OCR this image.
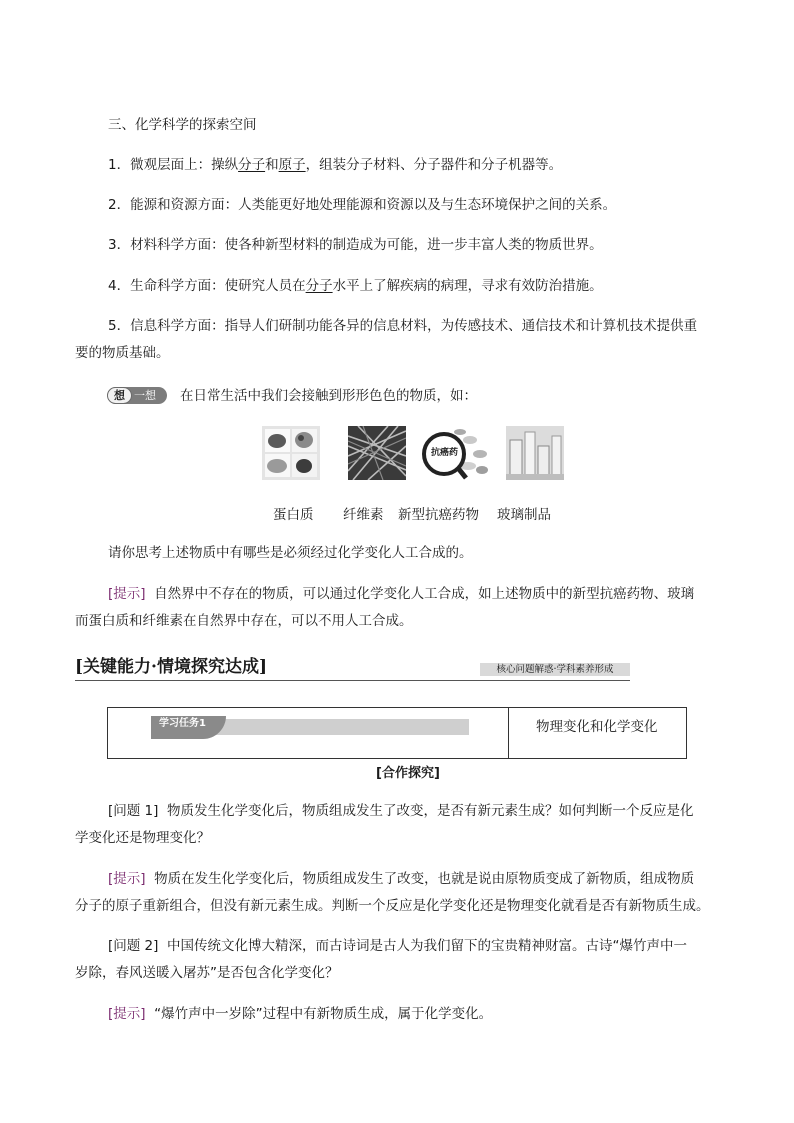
三、化学科学的探索空间
1．微观层面上：操纵分子和原子，组装分子材料、分子器件和分子机器等。
2．能源和资源方面：人类能更好地处理能源和资源以及与生态环境保护之间的关系。
3．材料科学方面：使各种新型材料的制造成为可能，进一步丰富人类的物质世界。
4．生命科学方面：使研究人员在分子水平上了解疾病的病理，寻求有效防治措施。
5．信息科学方面：指导人们研制功能各异的信息材料，为传感技术、通信技术和计算机技术提供重
要的物质基础。
想 一想 在日常生活中我们会接触到形形色色的物质，如：
抗癌药
蛋白质 纤维素 新型抗癌药物 玻璃制品
请你思考上述物质中有哪些是必须经过化学变化人工合成的。
[提示] 自然界中不存在的物质，可以通过化学变化人工合成，如上述物质中的新型抗癌药物、玻璃
而蛋白质和纤维素在自然界中存在，可以不用人工合成。
[关键能力·情境探究达成]	核心问题解惑·学科素养形成
学习任务1	物理变化和化学变化
[合作探究]
[问题 1] 物质发生化学变化后，物质组成发生了改变，是否有新元素生成？如何判断一个反应是化
学变化还是物理变化？
[提示] 物质在发生化学变化后，物质组成发生了改变，也就是说由原物质变成了新物质，组成物质
分子的原子重新组合，但没有新元素生成。判断一个反应是化学变化还是物理变化就看是否有新物质生成。
[问题 2] 中国传统文化博大精深，而古诗词是古人为我们留下的宝贵精神财富。古诗“爆竹声中一
岁除，春风送暖入屠苏”是否包含化学变化？
[提示] “爆竹声中一岁除”过程中有新物质生成，属于化学变化。
